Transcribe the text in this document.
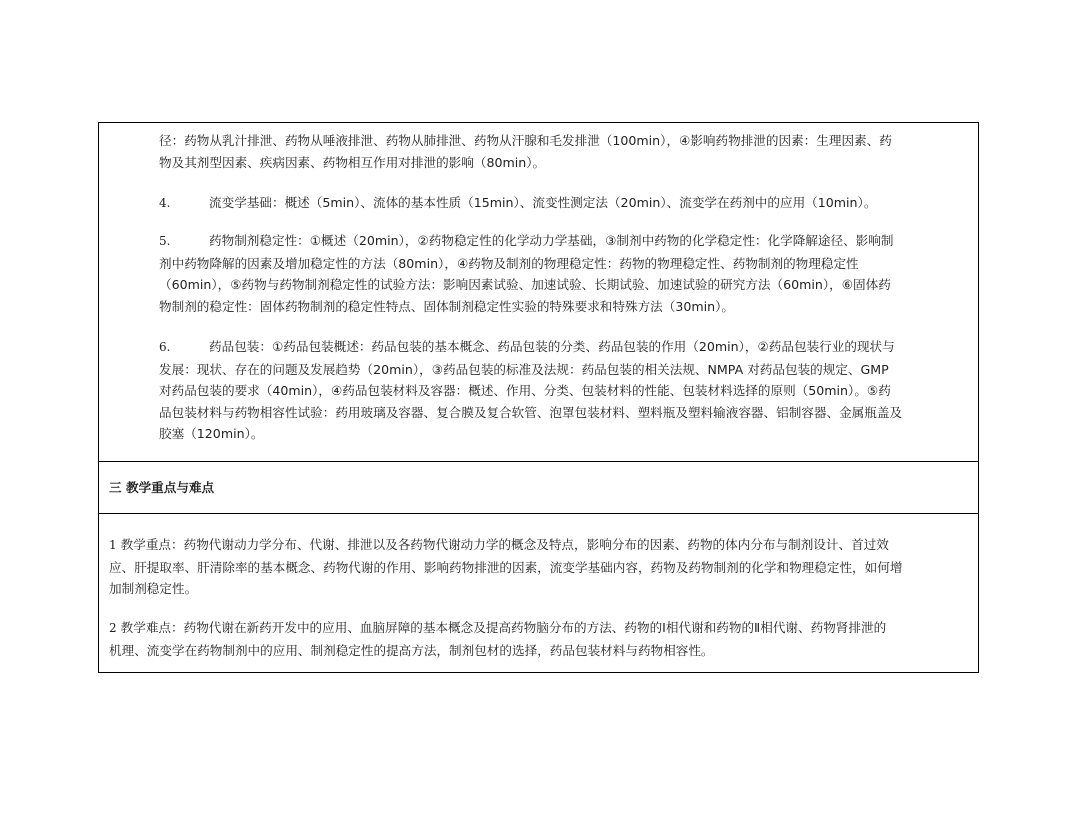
径：药物从乳汁排泄、药物从唾液排泄、药物从肺排泄、药物从汗腺和毛发排泄（100min），④影响药物排泄的因素：生理因素、药
物及其剂型因素、疾病因素、药物相互作用对排泄的影响（80min）。

4.	流变学基础：概述（5min）、流体的基本性质（15min）、流变性测定法（20min）、流变学在药剂中的应用（10min）。

5.	药物制剂稳定性：①概述（20min），②药物稳定性的化学动力学基础，③制剂中药物的化学稳定性：化学降解途径、影响制
剂中药物降解的因素及增加稳定性的方法（80min），④药物及制剂的物理稳定性：药物的物理稳定性、药物制剂的物理稳定性
（60min），⑤药物与药物制剂稳定性的试验方法：影响因素试验、加速试验、长期试验、加速试验的研究方法（60min），⑥固体药
物制剂的稳定性：固体药物制剂的稳定性特点、固体制剂稳定性实验的特殊要求和特殊方法（30min）。

6.	药品包装：①药品包装概述：药品包装的基本概念、药品包装的分类、药品包装的作用（20min），②药品包装行业的现状与
发展：现状、存在的问题及发展趋势（20min），③药品包装的标准及法规：药品包装的相关法规、NMPA 对药品包装的规定、GMP
对药品包装的要求（40min），④药品包装材料及容器：概述、作用、分类、包装材料的性能、包装材料选择的原则（50min）。⑤药
品包装材料与药物相容性试验：药用玻璃及容器、复合膜及复合软管、泡罩包装材料、塑料瓶及塑料输液容器、铝制容器、金属瓶盖及
胶塞（120min）。

三 教学重点与难点

1 教学重点：药物代谢动力学分布、代谢、排泄以及各药物代谢动力学的概念及特点，影响分布的因素、药物的体内分布与制剂设计、首过效
应、肝提取率、肝清除率的基本概念、药物代谢的作用、影响药物排泄的因素，流变学基础内容，药物及药物制剂的化学和物理稳定性，如何增
加制剂稳定性。

2 教学难点：药物代谢在新药开发中的应用、血脑屏障的基本概念及提高药物脑分布的方法、药物的Ⅰ相代谢和药物的Ⅱ相代谢、药物肾排泄的
机理、流变学在药物制剂中的应用、制剂稳定性的提高方法，制剂包材的选择，药品包装材料与药物相容性。
